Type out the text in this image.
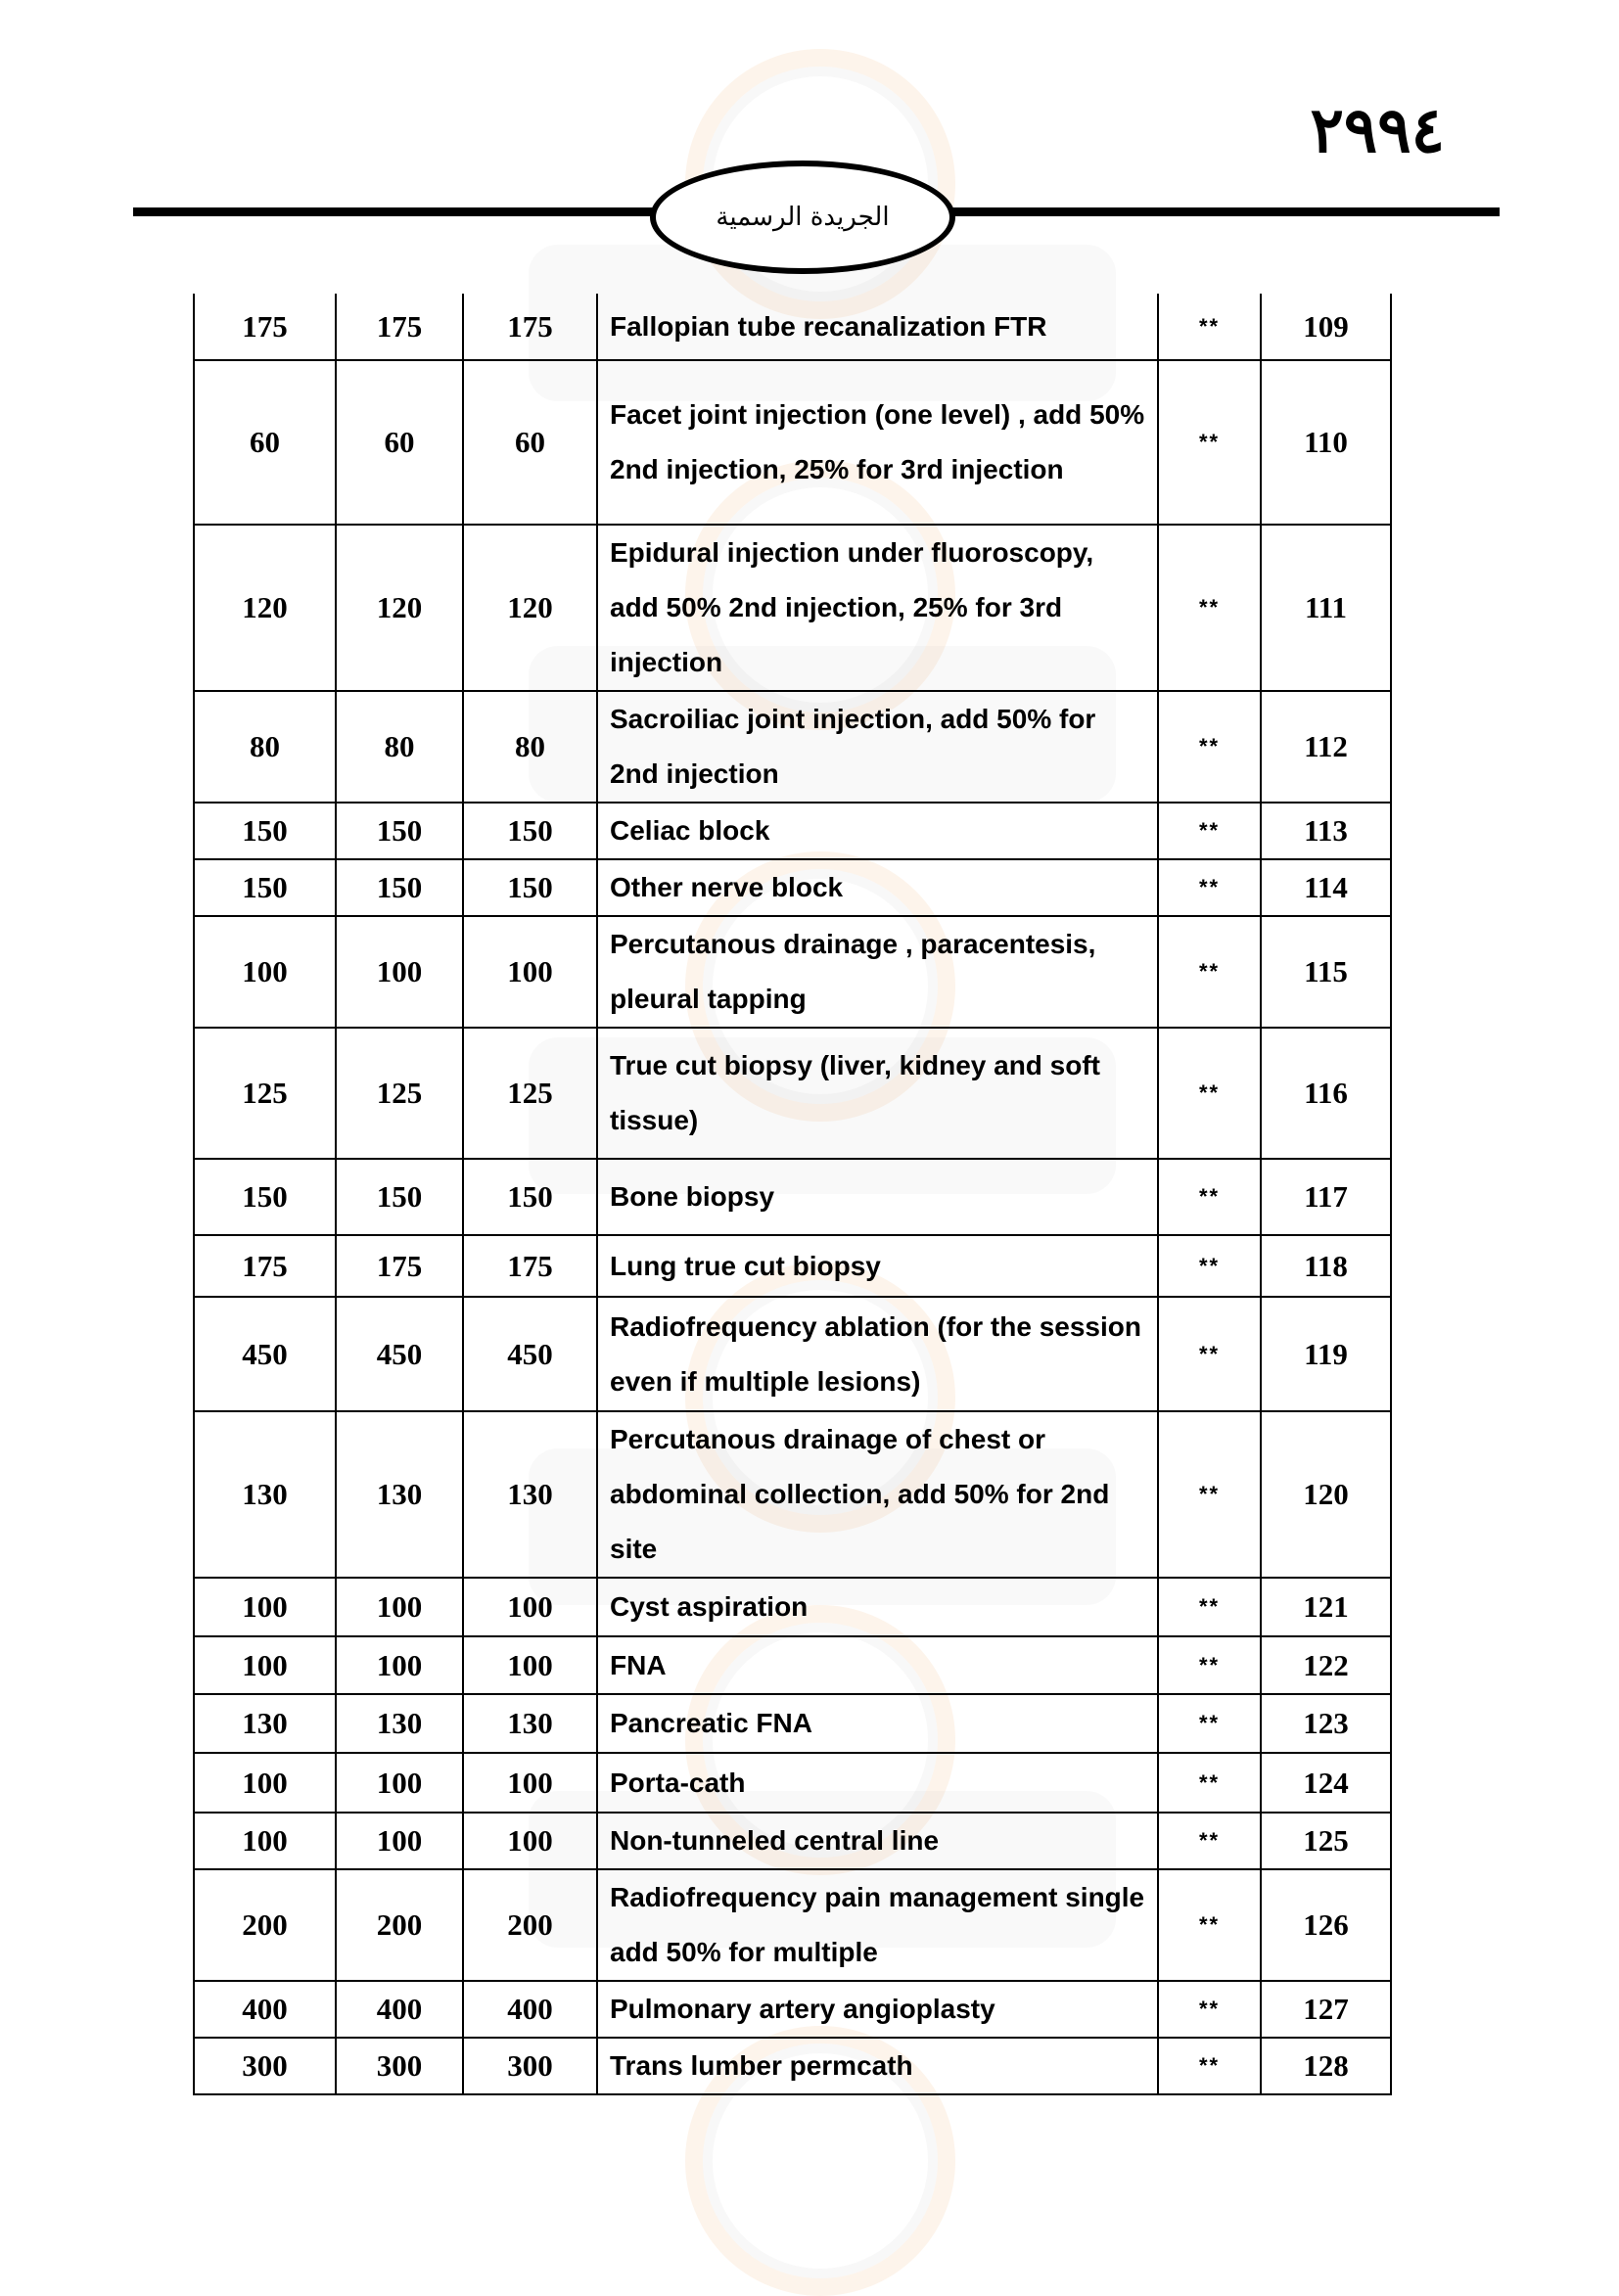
٢٩٩٤
الجريدة الرسمية
175	175	175	Fallopian tube recanalization FTR	**	109
60	60	60	Facet joint injection (one level) , add 50% 2nd injection, 25% for 3rd injection	**	110
120	120	120	Epidural injection under fluoroscopy, add 50% 2nd injection, 25% for 3rd injection	**	111
80	80	80	Sacroiliac joint injection, add 50% for 2nd injection	**	112
150	150	150	Celiac block	**	113
150	150	150	Other nerve block	**	114
100	100	100	Percutanous drainage , paracentesis, pleural tapping	**	115
125	125	125	True cut biopsy (liver, kidney and soft tissue)	**	116
150	150	150	Bone biopsy	**	117
175	175	175	Lung true cut biopsy	**	118
450	450	450	Radiofrequency ablation (for the session even if multiple lesions)	**	119
130	130	130	Percutanous drainage of chest or abdominal collection, add 50% for 2nd site	**	120
100	100	100	Cyst aspiration	**	121
100	100	100	FNA	**	122
130	130	130	Pancreatic FNA	**	123
100	100	100	Porta-cath	**	124
100	100	100	Non-tunneled central line	**	125
200	200	200	Radiofrequency pain management single add 50% for multiple	**	126
400	400	400	Pulmonary artery angioplasty	**	127
300	300	300	Trans lumber permcath	**	128
